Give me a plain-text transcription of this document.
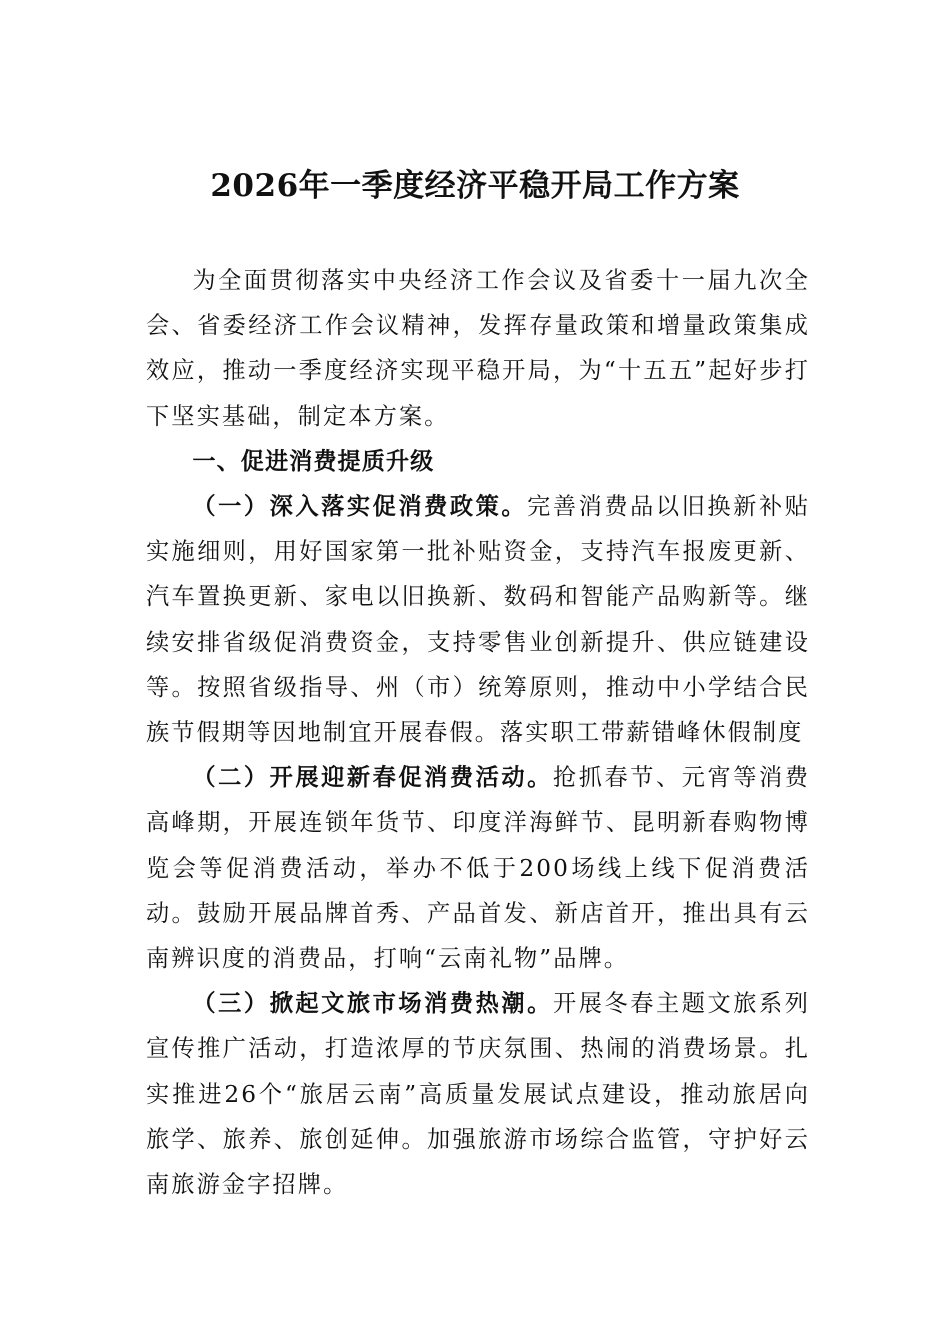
2026年一季度经济平稳开局工作方案

为全面贯彻落实中央经济工作会议及省委十一届九次全会、省委经济工作会议精神，发挥存量政策和增量政策集成效应，推动一季度经济实现平稳开局，为“十五五”起好步打下坚实基础，制定本方案。

一、促进消费提质升级

（一）深入落实促消费政策。完善消费品以旧换新补贴实施细则，用好国家第一批补贴资金，支持汽车报废更新、汽车置换更新、家电以旧换新、数码和智能产品购新等。继续安排省级促消费资金，支持零售业创新提升、供应链建设等。按照省级指导、州（市）统筹原则，推动中小学结合民族节假期等因地制宜开展春假。落实职工带薪错峰休假制度

（二）开展迎新春促消费活动。抢抓春节、元宵等消费高峰期，开展连锁年货节、印度洋海鲜节、昆明新春购物博览会等促消费活动，举办不低于200场线上线下促消费活动。鼓励开展品牌首秀、产品首发、新店首开，推出具有云南辨识度的消费品，打响“云南礼物”品牌。

（三）掀起文旅市场消费热潮。开展冬春主题文旅系列宣传推广活动，打造浓厚的节庆氛围、热闹的消费场景。扎实推进26个“旅居云南”高质量发展试点建设，推动旅居向旅学、旅养、旅创延伸。加强旅游市场综合监管，守护好云南旅游金字招牌。
